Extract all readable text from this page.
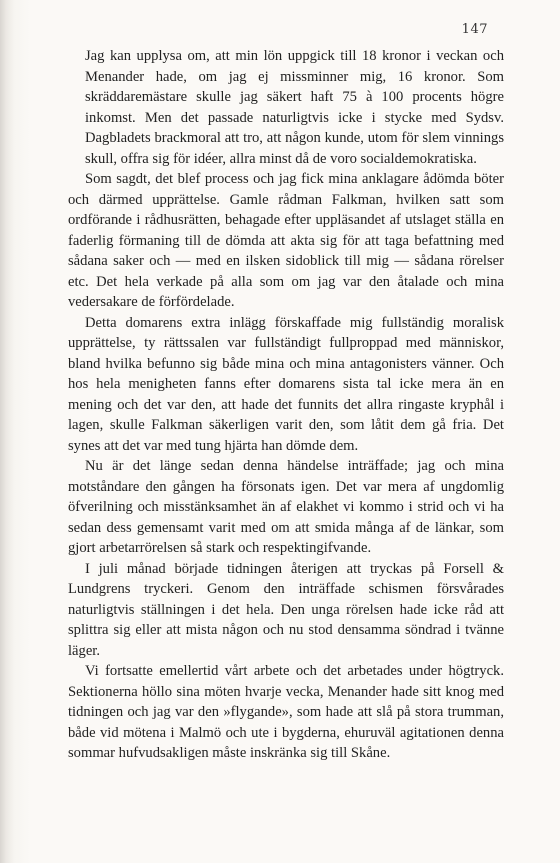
147

Jag kan upplysa om, att min lön uppgick till 18 kronor i veckan och Menander hade, om jag ej missminner mig, 16 kronor. Som skräddaremästare skulle jag säkert haft 75 à 100 procents högre inkomst. Men det passade naturligtvis icke i stycke med Sydsv. Dagbladets brackmoral att tro, att någon kunde, utom för slem vinnings skull, offra sig för idéer, allra minst då de voro socialdemokratiska.

Som sagdt, det blef process och jag fick mina anklagare ådömda böter och därmed upprättelse. Gamle rådman Falkman, hvilken satt som ordförande i rådhusrätten, behagade efter uppläsandet af utslaget ställa en faderlig förmaning till de dömda att akta sig för att taga befattning med sådana saker och — med en ilsken sidoblick till mig — sådana rörelser etc. Det hela verkade på alla som om jag var den åtalade och mina vedersakare de förfördelade.

Detta domarens extra inlägg förskaffade mig fullständig moralisk upprättelse, ty rättssalen var fullständigt fullproppad med människor, bland hvilka befunno sig både mina och mina antagonisters vänner. Och hos hela menigheten fanns efter domarens sista tal icke mera än en mening och det var den, att hade det funnits det allra ringaste kryphål i lagen, skulle Falkman säkerligen varit den, som låtit dem gå fria. Det synes att det var med tung hjärta han dömde dem.

Nu är det länge sedan denna händelse inträffade; jag och mina motståndare den gången ha försonats igen. Det var mera af ungdomlig öfverilning och misstänksamhet än af elakhet vi kommo i strid och vi ha sedan dess gemensamt varit med om att smida många af de länkar, som gjort arbetarrörelsen så stark och respektingifvande.

I juli månad började tidningen återigen att tryckas på Forsell & Lundgrens tryckeri. Genom den inträffade schismen försvårades naturligtvis ställningen i det hela. Den unga rörelsen hade icke råd att splittra sig eller att mista någon och nu stod densamma söndrad i tvänne läger.

Vi fortsatte emellertid vårt arbete och det arbetades under högtryck. Sektionerna höllo sina möten hvarje vecka, Menander hade sitt knog med tidningen och jag var den »flygande», som hade att slå på stora trumman, både vid mötena i Malmö och ute i bygderna, ehuruväl agitationen denna sommar hufvudsakligen måste inskränka sig till Skåne.
